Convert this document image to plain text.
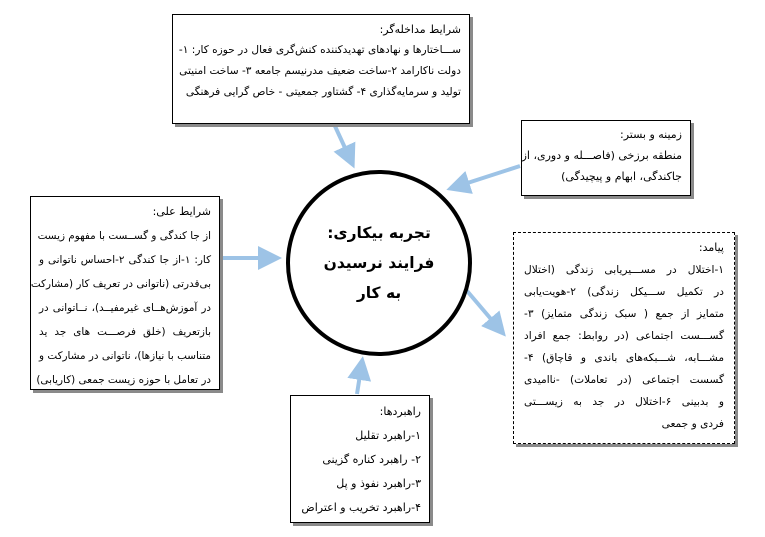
شرایط مداخله‌گر:
ســـاختارها و نهادهای تهدیدکننده کنش‌گری فعال در حوزه کار: ۱-
دولت ناکارامد ۲-ساخت ضعیف مدرنیسم جامعه ۳- ساخت امنیتی
تولید و سرمایه‌گذاری ۴- گشتاور جمعیتی - خاص گرایی فرهنگی
زمینه و بستر:
منطقه برزخی (فاصـــله و دوری، از
جاکندگی، ابهام و پیچیدگی)
شرایط علی:
از جا کندگی و گســست با مفهوم زیست
کار: ۱-از جا کندگی ۲-احساس ناتوانی و
بی‌قدرتی (ناتوانی در تعریف کار (مشارکت
در آموزش‌هــای غیرمفیــد)، نــاتوانی در
بازتعریف (خلق فرصـــت های جد ید
متناسب با نیازها)، ناتوانی در مشارکت و
در تعامل با حوزه زیست جمعی (کاریابی)
تجربه بیکاری:
فرایند نرسیدن
به کار
پیامد:
۱-اختلال در مســـیریابی زندگی (اختلال
در تکمیل ســـیکل زندگی) ۲-هویت‌یابی
متمایز از جمع ( سبک زندگی متمایز) ۳-
گســـست اجتماعی (در روابط: جمع افراد
مشـــابه، شـــبکه‌های باندی و قاچاق) ۴-
گسست اجتماعی (در تعاملات) -ناامیدی
و بدبینی ۶-اختلال در جد به زیســـتی
فردی و جمعی
راهبردها:
۱-راهبرد تقلیل
۲- راهبرد کناره گزینی
۳-راهبرد نفوذ و پل
۴-راهبرد تخریب و اعتراض
